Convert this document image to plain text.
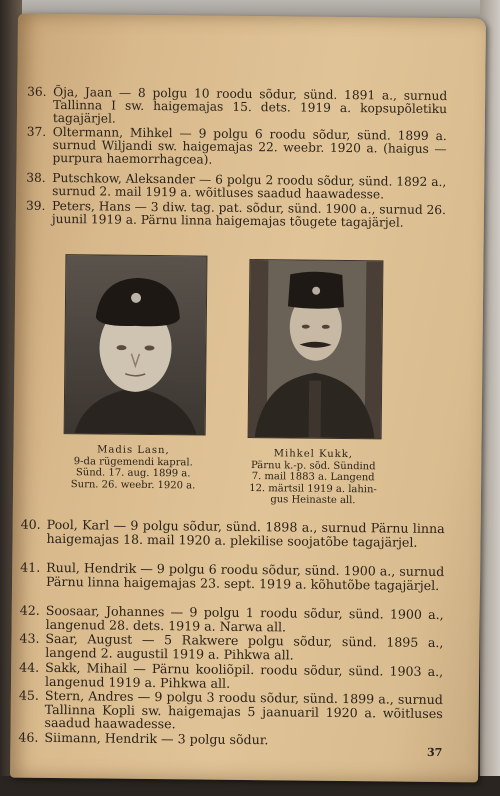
36. Õja, Jaan — 8 polgu 10 roodu sõdur, sünd. 1891 a., surnud Tallinna I sw. haigemajas 15. dets. 1919 a. kopsupõletiku tagajärjel.
37. Oltermann, Mihkel — 9 polgu 6 roodu sõdur, sünd. 1899 a. surnud Wiljandi sw. haigemajas 22. weebr. 1920 a. (haigus — purpura haemorrhagcea).
38. Putschkow, Aleksander — 6 polgu 2 roodu sõdur, sünd. 1892 a., surnud 2. mail 1919 a. wõitluses saadud haawadesse.
39. Peters, Hans — 3 diw. tag. pat. sõdur, sünd. 1900 a., surnud 26. juunil 1919 a. Pärnu linna haigemajas tõugete tagajärjel.
Madis Lasn,
9-da rügemendi kapral.
Sünd. 17. aug. 1899 a.
Surn. 26. weebr. 1920 a.
Mihkel Kukk,
Pärnu k.-p. sõd. Sündind
7. mail 1883 a. Langend
12. märtsil 1919 a. lahin-
gus Heinaste all.
40. Pool, Karl — 9 polgu sõdur, sünd. 1898 a., surnud Pärnu linna haigemajas 18. mail 1920 a. plekilise soojatõbe tagajärjel.
41. Ruul, Hendrik — 9 polgu 6 roodu sõdur, sünd. 1900 a., surnud Pärnu linna haigemajas 23. sept. 1919 a. kõhutõbe tagajärjel.
42. Soosaar, Johannes — 9 polgu 1 roodu sõdur, sünd. 1900 a., langenud 28. dets. 1919 a. Narwa all.
43. Saar, August — 5 Rakwere polgu sõdur, sünd. 1895 a., langend 2. augustil 1919 a. Pihkwa all.
44. Sakk, Mihail — Pärnu kooliõpil. roodu sõdur, sünd. 1903 a., langenud 1919 a. Pihkwa all.
45. Stern, Andres — 9 polgu 3 roodu sõdur, sünd. 1899 a., surnud Tallinna Kopli sw. haigemajas 5 jaanuaril 1920 a. wõitluses saadud haawadesse.
46. Siimann, Hendrik — 3 polgu sõdur.
37
